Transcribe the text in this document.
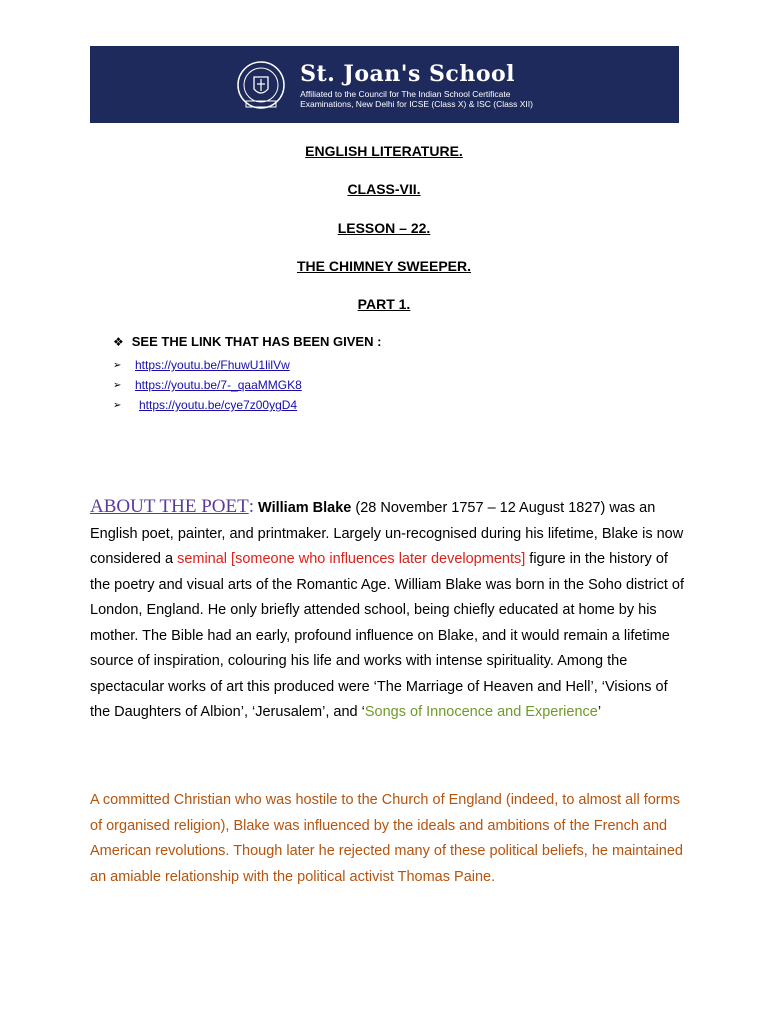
St. Joan's School
Affiliated to the Council for The Indian School Certificate
Examinations, New Delhi for ICSE (Class X) & ISC (Class XII)
ENGLISH LITERATURE.
CLASS-VII.
LESSON – 22.
THE CHIMNEY SWEEPER.
PART 1.
❖ SEE THE LINK THAT HAS BEEN GIVEN :
➢	https://youtu.be/FhuwU1lilVw
➢	https://youtu.be/7-_qaaMMGK8
➢	https://youtu.be/cye7z00ygD4
ABOUT THE POET: William Blake (28 November 1757 – 12 August 1827) was an English poet, painter, and printmaker. Largely un-recognised during his lifetime, Blake is now considered a seminal [someone who influences later developments] figure in the history of the poetry and visual arts of the Romantic Age. William Blake was born in the Soho district of London, England. He only briefly attended school, being chiefly educated at home by his mother. The Bible had an early, profound influence on Blake, and it would remain a lifetime source of inspiration, colouring his life and works with intense spirituality. Among the spectacular works of art this produced were ‘The Marriage of Heaven and Hell’, ‘Visions of the Daughters of Albion’, ‘Jerusalem’, and ‘Songs of Innocence and Experience’
A committed Christian who was hostile to the Church of England (indeed, to almost all forms of organised religion), Blake was influenced by the ideals and ambitions of the French and American revolutions. Though later he rejected many of these political beliefs, he maintained an amiable relationship with the political activist Thomas Paine.
